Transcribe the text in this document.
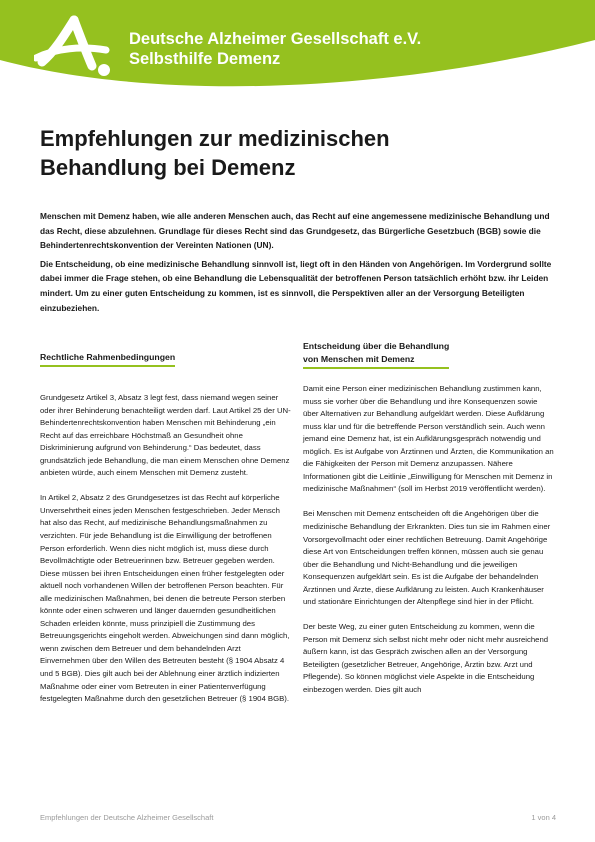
Deutsche Alzheimer Gesellschaft e.V.
Selbsthilfe Demenz
Empfehlungen zur medizinischen
Behandlung bei Demenz

Menschen mit Demenz haben, wie alle anderen Menschen auch, das Recht auf eine angemessene medizinische Behandlung und das Recht, diese abzulehnen. Grundlage für dieses Recht sind das Grundgesetz, das Bürgerliche Gesetzbuch (BGB) sowie die Behindertenrechtskonvention der Vereinten Nationen (UN).

Die Entscheidung, ob eine medizinische Behandlung sinnvoll ist, liegt oft in den Händen von Angehörigen. Im Vordergrund sollte dabei immer die Frage stehen, ob eine Behandlung die Lebensqualität der betroffenen Person tatsächlich erhöht bzw. ihr Leiden mindert. Um zu einer guten Entscheidung zu kommen, ist es sinnvoll, die Perspektiven aller an der Versorgung Beteiligten einzubeziehen.

Rechtliche Rahmenbedingungen

Grundgesetz Artikel 3, Absatz 3 legt fest, dass niemand wegen seiner oder ihrer Behinderung benachteiligt werden darf. Laut Artikel 25 der UN-Behindertenrechtskonvention haben Menschen mit Behinderung „ein Recht auf das erreichbare Höchstmaß an Gesundheit ohne Diskriminierung aufgrund von Behinderung.“ Das bedeutet, dass grundsätzlich jede Behandlung, die man einem Menschen ohne Demenz anbieten würde, auch einem Menschen mit Demenz zusteht.

In Artikel 2, Absatz 2 des Grundgesetzes ist das Recht auf körperliche Unversehrtheit eines jeden Menschen festgeschrieben. Jeder Mensch hat also das Recht, auf medizinische Behandlungsmaßnahmen zu verzichten. Für jede Behandlung ist die Einwilligung der betroffenen Person erforderlich. Wenn dies nicht möglich ist, muss diese durch Bevollmächtigte oder Betreuerinnen bzw. Betreuer gegeben werden. Diese müssen bei ihren Entscheidungen einen früher festgelegten oder aktuell noch vorhandenen Willen der betroffenen Person beachten. Für alle medizinischen Maßnahmen, bei denen die betreute Person sterben könnte oder einen schweren und länger dauernden gesundheitlichen Schaden erleiden könnte, muss prinzipiell die Zustimmung des Betreuungsgerichts eingeholt werden. Abweichungen sind dann möglich, wenn zwischen dem Betreuer und dem behandelnden Arzt Einvernehmen über den Willen des Betreuten besteht (§ 1904 Absatz 4 und 5 BGB). Dies gilt auch bei der Ablehnung einer ärztlich indizierten Maßnahme oder einer vom Betreuten in einer Patientenverfügung festgelegten Maßnahme durch den gesetzlichen Betreuer (§ 1904 BGB).

Entscheidung über die Behandlung
von Menschen mit Demenz

Damit eine Person einer medizinischen Behandlung zustimmen kann, muss sie vorher über die Behandlung und ihre Konsequenzen sowie über Alternativen zur Behandlung aufgeklärt werden. Diese Aufklärung muss klar und für die betreffende Person verständlich sein. Auch wenn jemand eine Demenz hat, ist ein Aufklärungsgespräch notwendig und möglich. Es ist Aufgabe von Ärztinnen und Ärzten, die Kommunikation an die Fähigkeiten der Person mit Demenz anzupassen. Nähere Informationen gibt die Leitlinie „Einwilligung für Menschen mit Demenz in medizinische Maßnahmen“ (soll im Herbst 2019 veröffentlicht werden).

Bei Menschen mit Demenz entscheiden oft die Angehörigen über die medizinische Behandlung der Erkrankten. Dies tun sie im Rahmen einer Vorsorgevollmacht oder einer rechtlichen Betreuung. Damit Angehörige diese Art von Entscheidungen treffen können, müssen auch sie genau über die Behandlung und Nicht-Behandlung und die jeweiligen Konsequenzen aufgeklärt sein. Es ist die Aufgabe der behandelnden Ärztinnen und Ärzte, diese Aufklärung zu leisten. Auch Krankenhäuser und stationäre Einrichtungen der Altenpflege sind hier in der Pflicht.

Der beste Weg, zu einer guten Entscheidung zu kommen, wenn die Person mit Demenz sich selbst nicht mehr oder nicht mehr ausreichend äußern kann, ist das Gespräch zwischen allen an der Versorgung Beteiligten (gesetzlicher Betreuer, Angehörige, Ärztin bzw. Arzt und Pflegende). So können möglichst viele Aspekte in die Entscheidung einbezogen werden. Dies gilt auch

Empfehlungen der Deutsche Alzheimer Gesellschaft	1 von 4
